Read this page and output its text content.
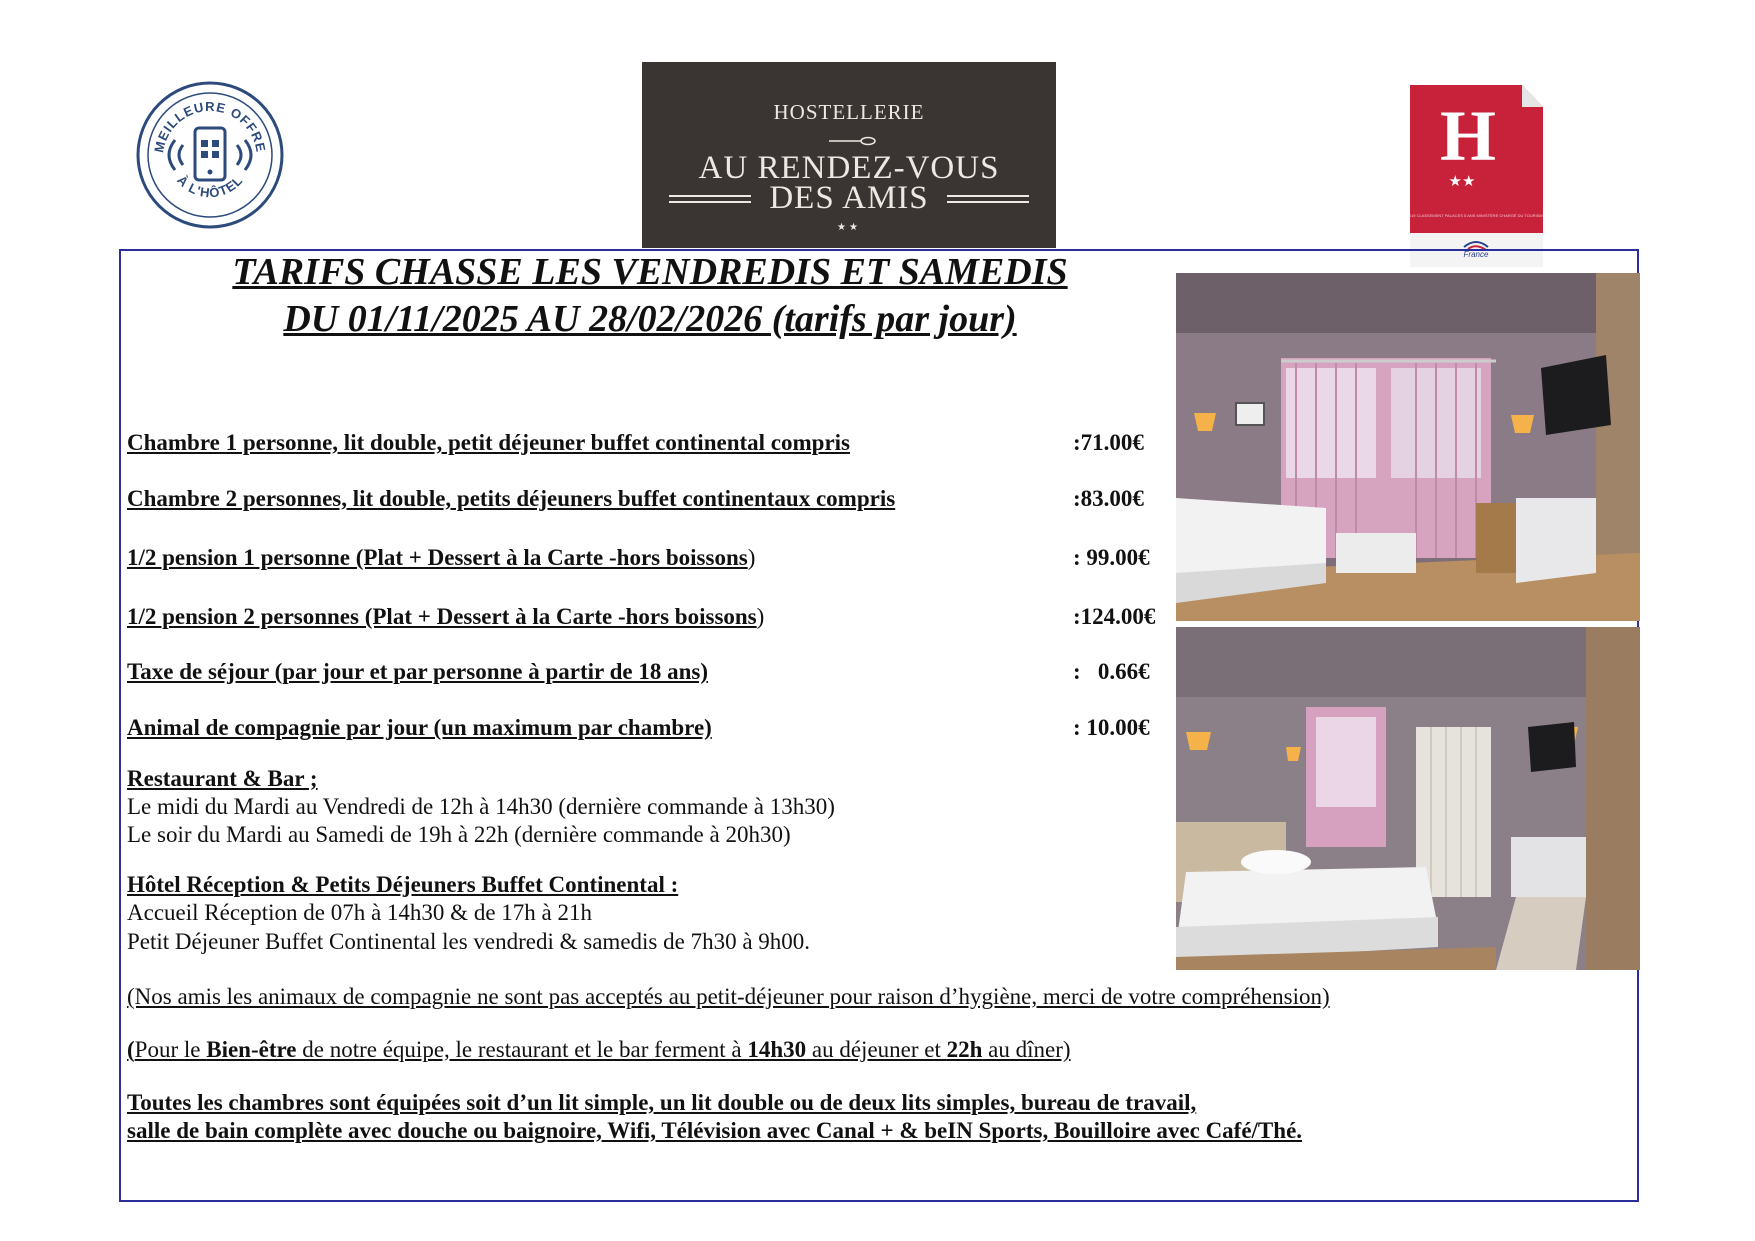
MEILLEURE OFFRE
À L'HÔTEL
HOSTELLERIE
AU RENDEZ-VOUS
DES AMIS
★★
H
★★
2019 CLASSEMENT PALACES 5 ANS MINISTÈRE CHARGÉ DU TOURISME
France
TARIFS CHASSE LES VENDREDIS ET SAMEDIS
DU 01/11/2025 AU 28/02/2026 (tarifs par jour)
Chambre 1 personne, lit double, petit déjeuner buffet continental compris	:71.00€
Chambre 2 personnes, lit double, petits déjeuners buffet continentaux compris	:83.00€
1/2 pension 1 personne (Plat + Dessert à la Carte -hors boissons)	: 99.00€
1/2 pension 2 personnes (Plat + Dessert à la Carte -hors boissons)	:124.00€
Taxe de séjour (par jour et par personne à partir de 18 ans)	:   0.66€
Animal de compagnie par jour (un maximum par chambre)	: 10.00€
Restaurant & Bar ;
Le midi du Mardi au Vendredi de 12h à 14h30 (dernière commande à 13h30)
Le soir du Mardi au Samedi de 19h à 22h (dernière commande à 20h30)
Hôtel Réception & Petits Déjeuners Buffet Continental :
Accueil Réception de 07h à 14h30 & de 17h à 21h
Petit Déjeuner Buffet Continental les vendredi & samedis de 7h30 à 9h00.
(Nos amis les animaux de compagnie ne sont pas acceptés au petit-déjeuner pour raison d’hygiène, merci de votre compréhension)
(Pour le Bien-être de notre équipe, le restaurant et le bar ferment à 14h30 au déjeuner et 22h au dîner)
Toutes les chambres sont équipées soit d’un lit simple, un lit double ou de deux lits simples, bureau de travail,
salle de bain complète avec douche ou baignoire, Wifi, Télévision avec Canal + & beIN Sports, Bouilloire avec Café/Thé.
